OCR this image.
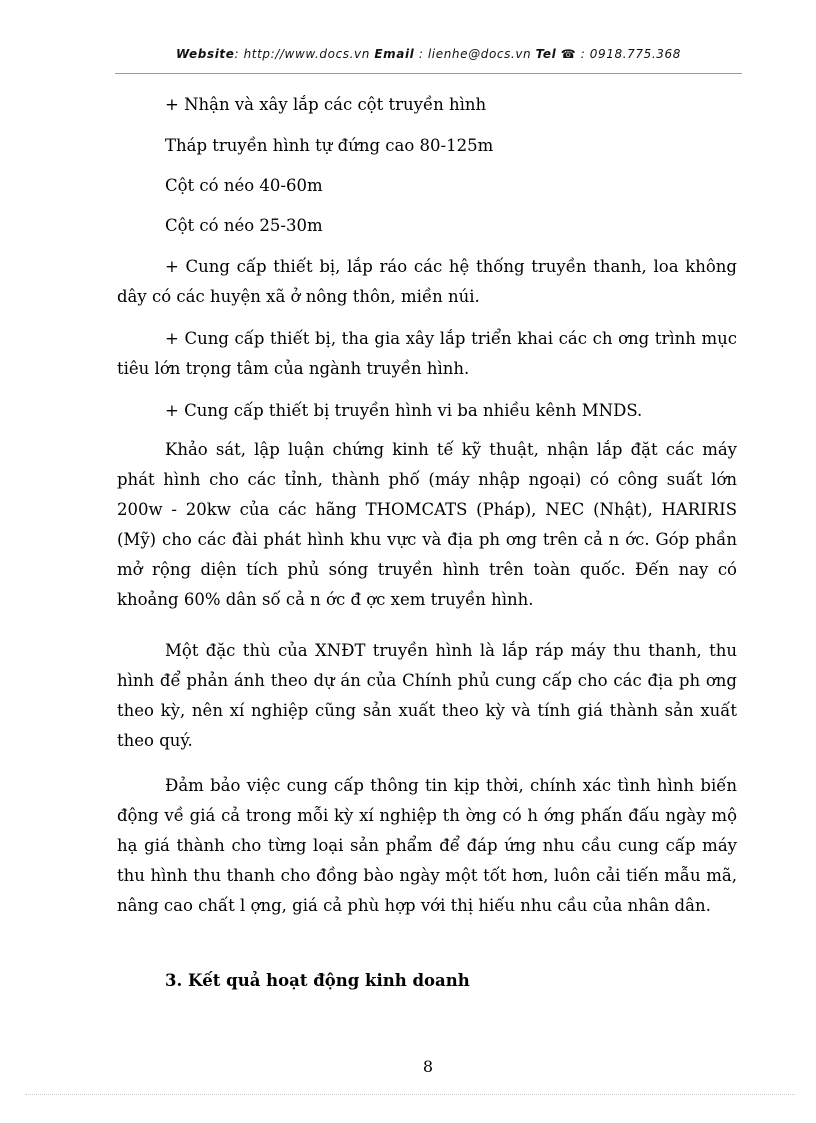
Website: http://www.docs.vn Email : lienhe@docs.vn Tel ☎ : 0918.775.368
+ Nhận và xây lắp các cột truyền hình
Tháp truyền hình tự đứng cao 80-125m
Cột có néo 40-60m
Cột có néo 25-30m
+ Cung cấp thiết bị, lắp ráo các hệ thống truyền thanh, loa không dây có các huyện xã ở nông thôn, miền núi.
+ Cung cấp thiết bị, tha gia xây lắp triển khai các ch ơng trình mục tiêu lớn trọng tâm của ngành truyền hình.
+ Cung cấp thiết bị truyền hình vi ba nhiều kênh MNDS.
Khảo sát, lập luận chứng kinh tế kỹ thuật, nhận lắp đặt các máy phát hình cho các tỉnh, thành phố (máy nhập ngoại) có công suất lớn 200w - 20kw của các hãng THOMCATS (Pháp), NEC (Nhật), HARIRIS (Mỹ) cho các đài phát hình khu vực và địa ph ơng trên cả n ớc. Góp phần mở rộng diện tích phủ sóng truyền hình trên toàn quốc. Đến nay có khoảng 60% dân số cả n ớc đ ợc xem truyền hình.
Một đặc thù của XNĐT truyền hình là lắp ráp máy thu thanh, thu hình để phản ánh theo dự án của Chính phủ cung cấp cho các địa ph ơng theo kỳ, nên xí nghiệp cũng sản xuất theo kỳ và tính giá thành sản xuất theo quý.
Đảm bảo việc cung cấp thông tin kịp thời, chính xác tình hình biến động về giá cả trong mỗi kỳ xí nghiệp th ờng có h ớng phấn đấu ngày mộ hạ giá thành cho từng loại sản phẩm để đáp ứng nhu cầu cung cấp máy thu hình thu thanh cho đồng bào ngày một tốt hơn, luôn cải tiến mẫu mã, nâng cao chất l ợng, giá cả phù hợp với thị hiếu nhu cầu của nhân dân.
3. Kết quả hoạt động kinh doanh
8
